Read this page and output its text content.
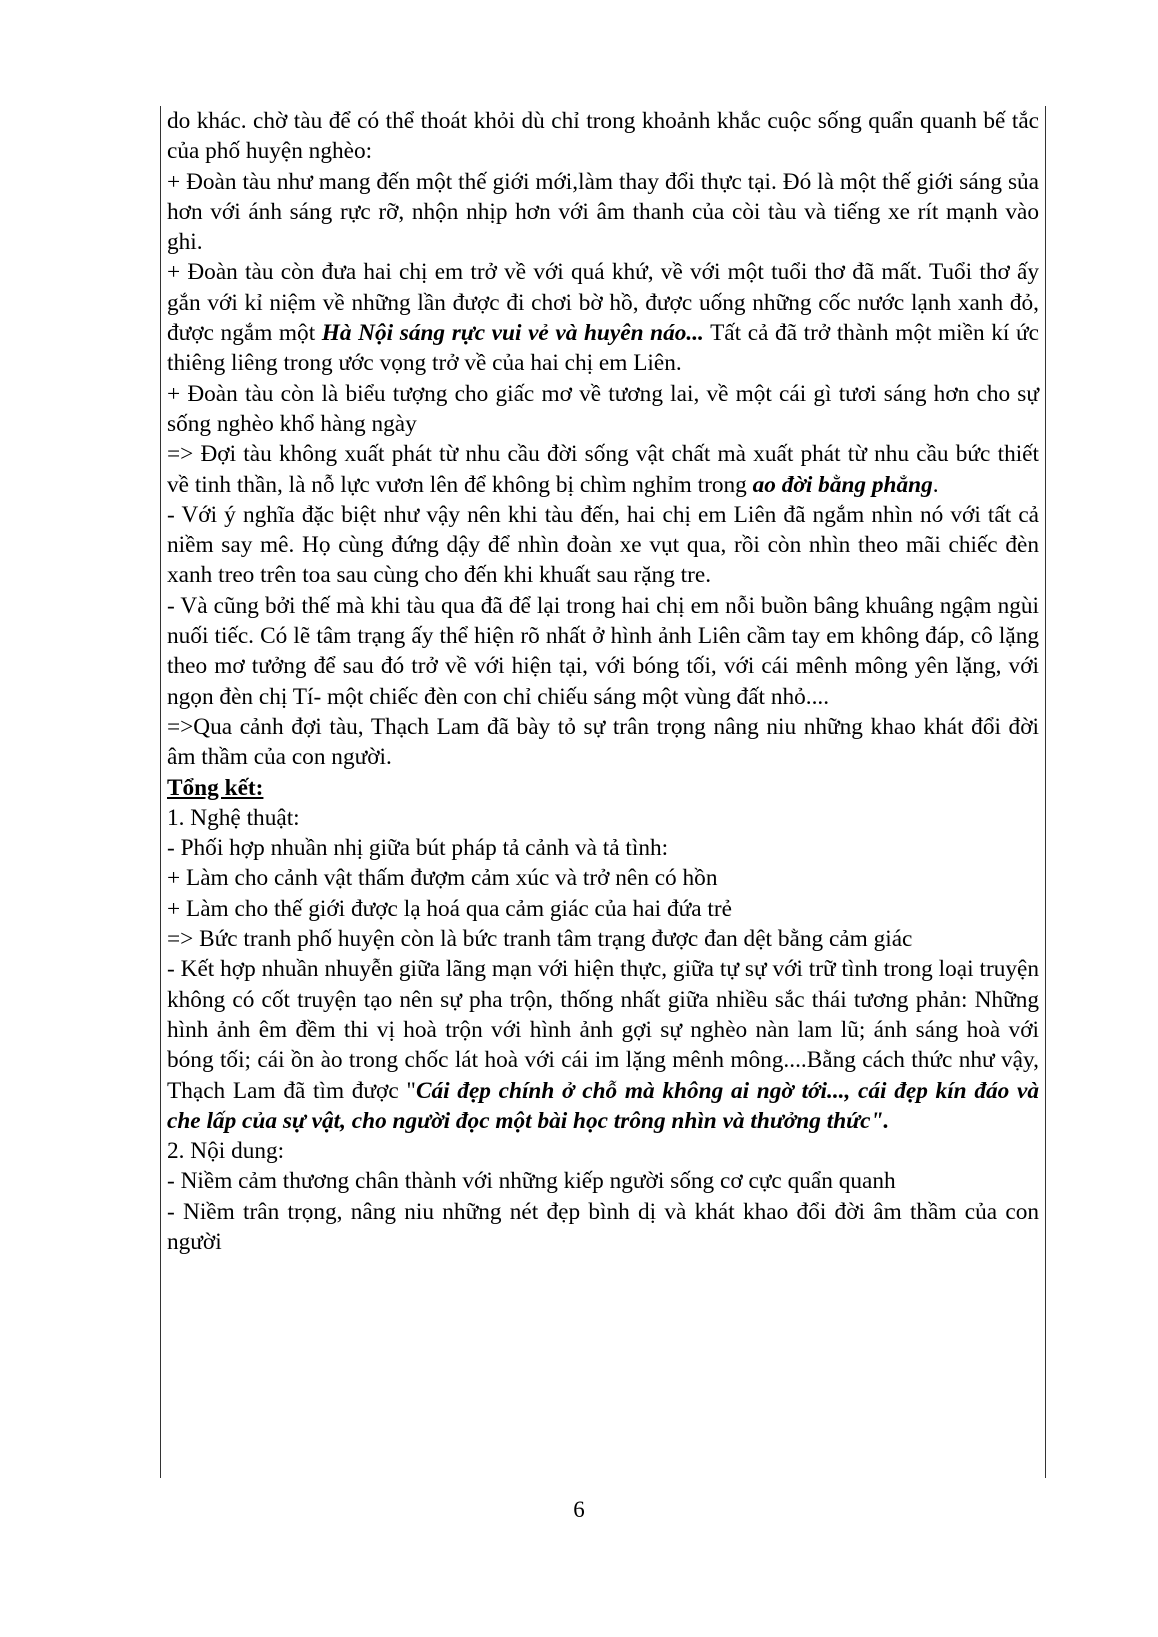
do khác. chờ tàu để có thể thoát khỏi dù chỉ trong khoảnh khắc cuộc sống quẩn quanh bế tắc của phố huyện nghèo:

+ Đoàn tàu như mang đến một thế giới mới,làm thay đổi thực tại. Đó là một thế giới sáng sủa hơn với ánh sáng rực rỡ, nhộn nhịp hơn với âm thanh của còi tàu và tiếng xe rít mạnh vào ghi.

+ Đoàn tàu còn đưa hai chị em trở về với quá khứ, về với một tuổi thơ đã mất. Tuổi thơ ấy gắn với kỉ niệm về những lần được đi chơi bờ hồ, được uống những cốc nước lạnh xanh đỏ, được ngắm một Hà Nội sáng rực vui vẻ và huyên náo... Tất cả đã trở thành một miền kí ức thiêng liêng trong ước vọng trở về của hai chị em Liên.

+ Đoàn tàu còn là biểu tượng cho giấc mơ về tương lai, về một cái gì tươi sáng hơn cho sự sống nghèo khổ hàng ngày

=> Đợi tàu không xuất phát từ nhu cầu đời sống vật chất mà xuất phát từ nhu cầu bức thiết về tinh thần, là nỗ lực vươn lên để không bị chìm nghỉm trong ao đời bằng phẳng.

- Với ý nghĩa đặc biệt như vậy nên khi tàu đến, hai chị em Liên đã ngắm nhìn nó với tất cả niềm say mê. Họ cùng đứng dậy để nhìn đoàn xe vụt qua, rồi còn nhìn theo mãi chiếc đèn xanh treo trên toa sau cùng cho đến khi khuất sau rặng tre.

- Và cũng bởi thế mà khi tàu qua đã để lại trong hai chị em nỗi buồn bâng khuâng ngậm ngùi nuối tiếc. Có lẽ tâm trạng ấy thể hiện rõ nhất ở hình ảnh Liên cầm tay em không đáp, cô lặng theo mơ tưởng để sau đó trở về với hiện tại, với bóng tối, với cái mênh mông yên lặng, với ngọn đèn chị Tí- một chiếc đèn con chỉ chiếu sáng một vùng đất nhỏ....

=>Qua cảnh đợi tàu, Thạch Lam đã bày tỏ sự trân trọng nâng niu những khao khát đổi đời âm thầm của con người.

Tổng kết:

1. Nghệ thuật:

- Phối hợp nhuần nhị giữa bút pháp tả cảnh và tả tình:

+ Làm cho cảnh vật thấm đượm cảm xúc và trở nên có hồn

+ Làm cho thế giới được lạ hoá qua cảm giác của hai đứa trẻ

=> Bức tranh phố huyện còn là bức tranh tâm trạng được đan dệt bằng cảm giác

- Kết hợp nhuần nhuyễn giữa lãng mạn với hiện thực, giữa tự sự với trữ tình trong loại truyện không có cốt truyện tạo nên sự pha trộn, thống nhất giữa nhiều sắc thái tương phản: Những hình ảnh êm đềm thi vị hoà trộn với hình ảnh gợi sự nghèo nàn lam lũ; ánh sáng hoà với bóng tối; cái ồn ào trong chốc lát hoà với cái im lặng mênh mông....Bằng cách thức như vậy, Thạch Lam đã tìm được "Cái đẹp chính ở chỗ mà không ai ngờ tới..., cái đẹp kín đáo và che lấp của sự vật, cho người đọc một bài học trông nhìn và thưởng thức".

2. Nội dung:

- Niềm cảm thương chân thành với những kiếp người sống cơ cực quẩn quanh

- Niềm trân trọng, nâng niu những nét đẹp bình dị và khát khao đổi đời âm thầm của con người

6
